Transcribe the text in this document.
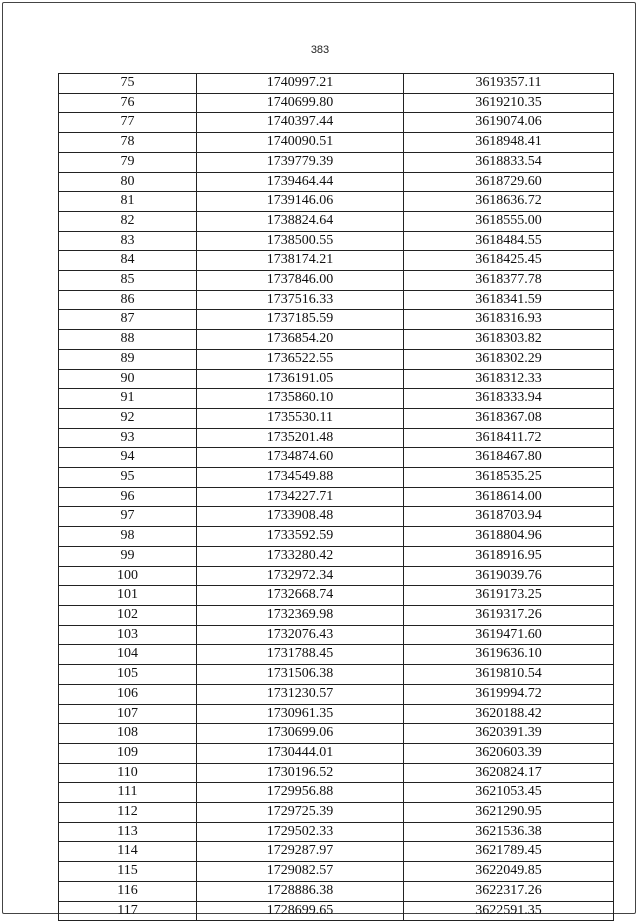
383
75	1740997.21	3619357.11
76	1740699.80	3619210.35
77	1740397.44	3619074.06
78	1740090.51	3618948.41
79	1739779.39	3618833.54
80	1739464.44	3618729.60
81	1739146.06	3618636.72
82	1738824.64	3618555.00
83	1738500.55	3618484.55
84	1738174.21	3618425.45
85	1737846.00	3618377.78
86	1737516.33	3618341.59
87	1737185.59	3618316.93
88	1736854.20	3618303.82
89	1736522.55	3618302.29
90	1736191.05	3618312.33
91	1735860.10	3618333.94
92	1735530.11	3618367.08
93	1735201.48	3618411.72
94	1734874.60	3618467.80
95	1734549.88	3618535.25
96	1734227.71	3618614.00
97	1733908.48	3618703.94
98	1733592.59	3618804.96
99	1733280.42	3618916.95
100	1732972.34	3619039.76
101	1732668.74	3619173.25
102	1732369.98	3619317.26
103	1732076.43	3619471.60
104	1731788.45	3619636.10
105	1731506.38	3619810.54
106	1731230.57	3619994.72
107	1730961.35	3620188.42
108	1730699.06	3620391.39
109	1730444.01	3620603.39
110	1730196.52	3620824.17
111	1729956.88	3621053.45
112	1729725.39	3621290.95
113	1729502.33	3621536.38
114	1729287.97	3621789.45
115	1729082.57	3622049.85
116	1728886.38	3622317.26
117	1728699.65	3622591.35
